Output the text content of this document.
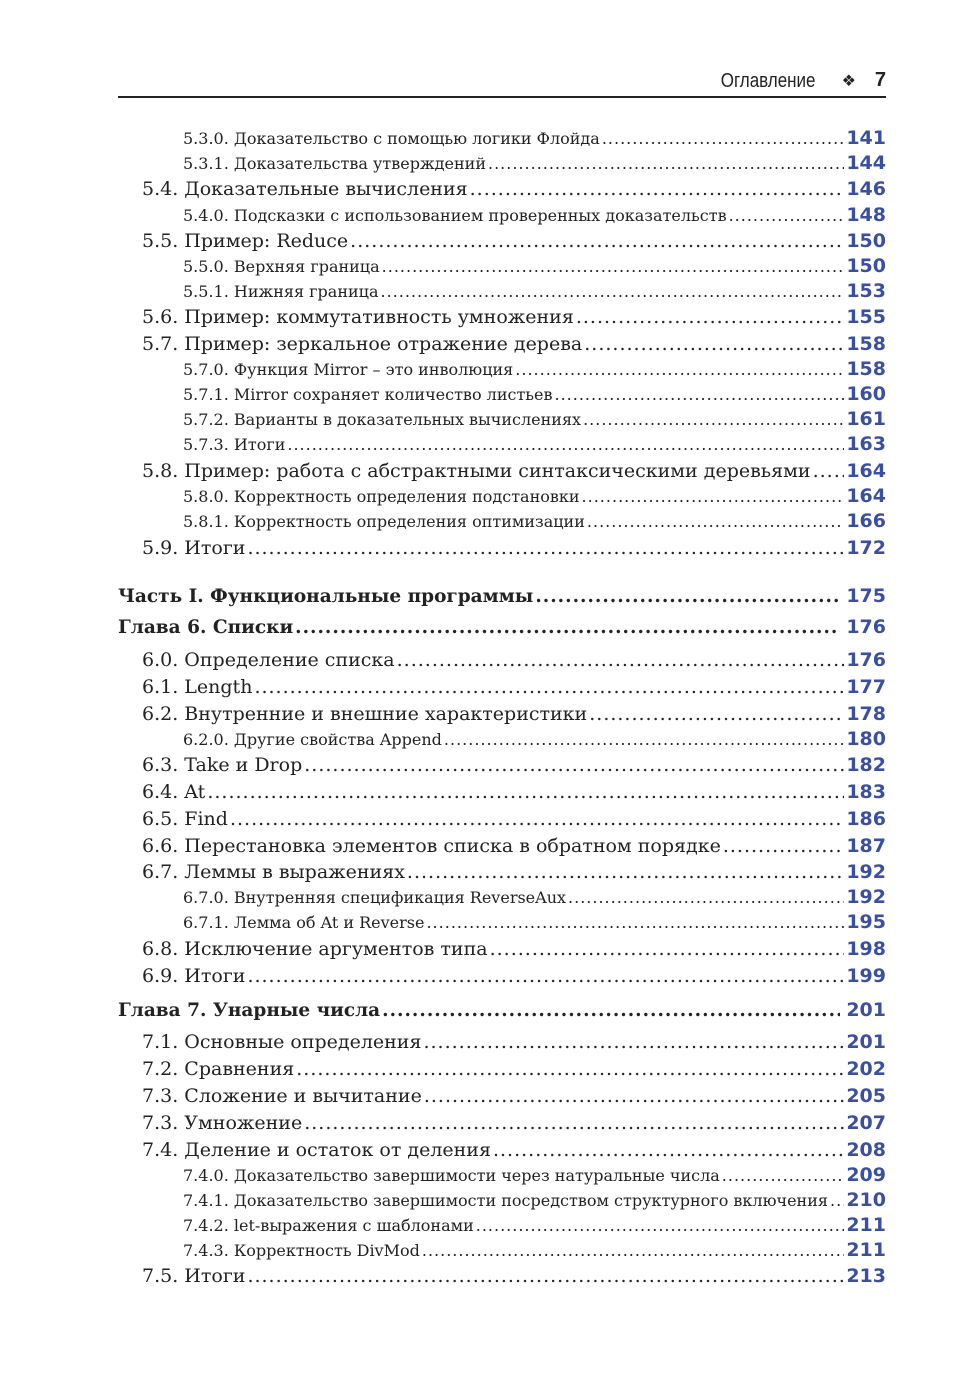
Оглавление ❖ 7
5.3.0. Доказательство с помощью логики Флойда .....	141
5.3.1. Доказательства утверждений .....	144
5.4. Доказательные вычисления .....	146
5.4.0. Подсказки с использованием проверенных доказательств .....	148
5.5. Пример: Reduce .....	150
5.5.0. Верхняя граница .....	150
5.5.1. Нижняя граница .....	153
5.6. Пример: коммутативность умножения .....	155
5.7. Пример: зеркальное отражение дерева .....	158
5.7.0. Функция Mirror – это инволюция .....	158
5.7.1. Mirror сохраняет количество листьев .....	160
5.7.2. Варианты в доказательных вычислениях .....	161
5.7.3. Итоги .....	163
5.8. Пример: работа с абстрактными синтаксическими деревьями ..... 164
5.8.0. Корректность определения подстановки .....	164
5.8.1. Корректность определения оптимизации .....	166
5.9. Итоги .....	172
Часть I. Функциональные программы .....	175
Глава 6. Списки .....	176
6.0. Определение списка .....	176
6.1. Length .....	177
6.2. Внутренние и внешние характеристики .....	178
6.2.0. Другие свойства Append .....	180
6.3. Take и Drop .....	182
6.4. At .....	183
6.5. Find .....	186
6.6. Перестановка элементов списка в обратном порядке .....	187
6.7. Леммы в выражениях .....	192
6.7.0. Внутренняя спецификация ReverseAux .....	192
6.7.1. Лемма об At и Reverse .....	195
6.8. Исключение аргументов типа .....	198
6.9. Итоги .....	199
Глава 7. Унарные числа .....	201
7.1. Основные определения .....	201
7.2. Сравнения .....	202
7.3. Сложение и вычитание .....	205
7.3. Умножение .....	207
7.4. Деление и остаток от деления .....	208
7.4.0. Доказательство завершимости через натуральные числа .....	209
7.4.1. Доказательство завершимости посредством структурного включения ..... 210
7.4.2. let-выражения с шаблонами .....	211
7.4.3. Корректность DivMod .....	211
7.5. Итоги .....	213
